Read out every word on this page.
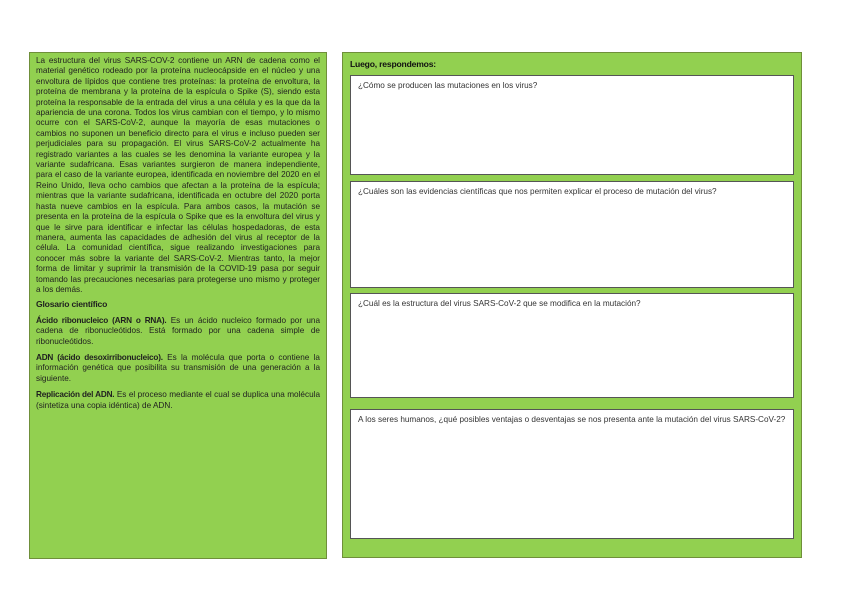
La estructura del virus SARS-COV-2 contiene un ARN de cadena como el material genético rodeado por la proteína nucleocápside en el núcleo y una envoltura de lípidos que contiene tres proteínas: la proteína de envoltura, la proteína de membrana y la proteína de la espícula o Spike (S), siendo esta proteína la responsable de la entrada del virus a una célula y es la que da la apariencia de una corona. Todos los virus cambian con el tiempo, y lo mismo ocurre con el SARS-CoV-2, aunque la mayoría de esas mutaciones o cambios no suponen un beneficio directo para el virus e incluso pueden ser perjudiciales para su propagación. El virus SARS-CoV-2 actualmente ha registrado variantes a las cuales se les denomina la variante europea y la variante sudafricana. Esas variantes surgieron de manera independiente, para el caso de la variante europea, identificada en noviembre del 2020 en el Reino Unido, lleva ocho cambios que afectan a la proteína de la espícula; mientras que la variante sudafricana, identificada en octubre del 2020 porta hasta nueve cambios en la espícula. Para ambos casos, la mutación se presenta en la proteína de la espícula o Spike que es la envoltura del virus y que le sirve para identificar e infectar las células hospedadoras, de esta manera, aumenta las capacidades de adhesión del virus al receptor de la célula. La comunidad científica, sigue realizando investigaciones para conocer más sobre la variante del SARS-CoV-2. Mientras tanto, la mejor forma de limitar y suprimir la transmisión de la COVID-19 pasa por seguir tomando las precauciones necesarias para protegerse uno mismo y proteger a los demás.

Glosario científico

Ácido ribonucleico (ARN o RNA). Es un ácido nucleico formado por una cadena de ribonucleótidos. Está formado por una cadena simple de ribonucleótidos.

ADN (ácido desoxirribonucleico). Es la molécula que porta o contiene la información genética que posibilita su transmisión de una generación a la siguiente.

Replicación del ADN. Es el proceso mediante el cual se duplica una molécula (sintetiza una copia idéntica) de ADN.

Luego, respondemos:
¿Cómo se producen las mutaciones en los virus?
¿Cuáles son las evidencias científicas que nos permiten explicar el proceso de mutación del virus?
¿Cuál es la estructura del virus SARS-CoV-2 que se modifica en la mutación?
A los seres humanos, ¿qué posibles ventajas o desventajas se nos presenta ante la mutación del virus SARS-CoV-2?
